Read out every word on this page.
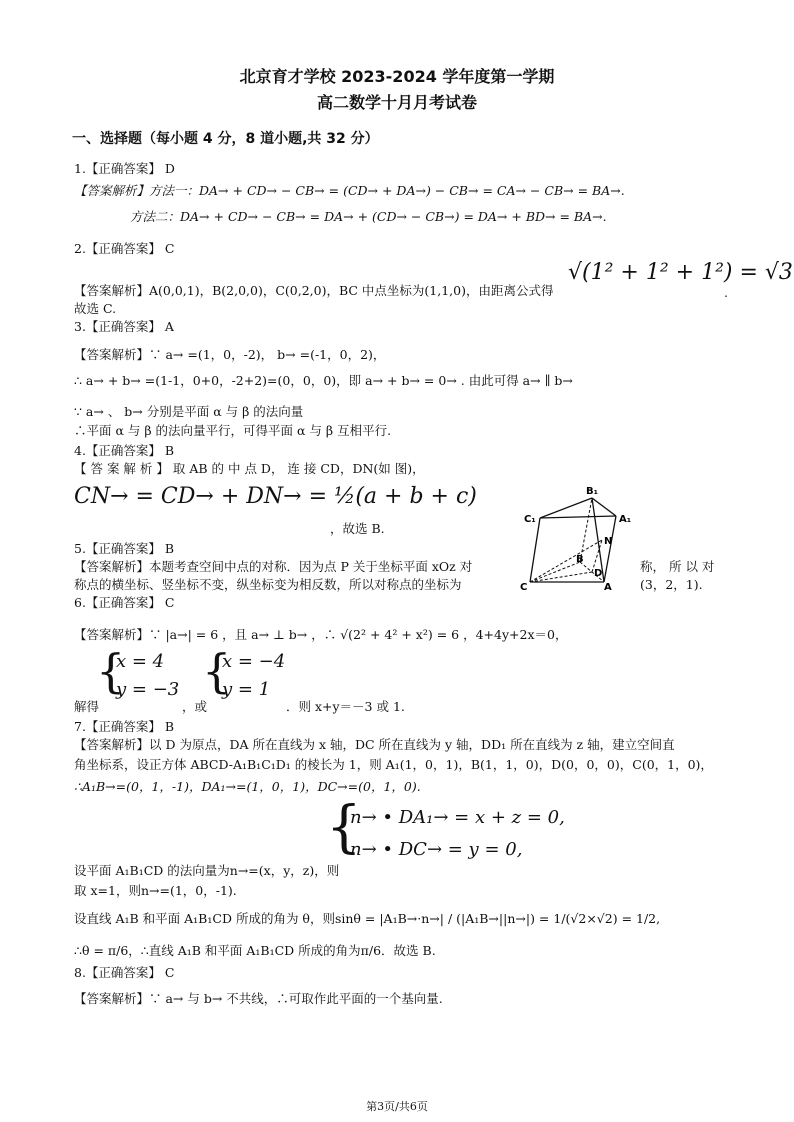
北京育才学校 2023-2024 学年度第一学期
高二数学十月月考试卷
一、选择题（每小题 4 分，8 道小题,共 32 分）
1.【正确答案】 D
【答案解析】方法一：DA→ + CD→ − CB→ = (CD→ + DA→) − CB→ = CA→ − CB→ = BA→.
方法二：DA→ + CD→ − CB→ = DA→ + (CD→ − CB→) = DA→ + BD→ = BA→.
2.【正确答案】 C
【答案解析】A(0,0,1)，B(2,0,0)，C(0,2,0)，BC 中点坐标为(1,1,0)，由距离公式得
√(1² + 1² + 1²) = √3
.
故选 C.
3.【正确答案】 A
【答案解析】∵ a→ =(1，0，-2)， b→ =(-1，0，2)，
∴ a→ + b→ =(1-1，0+0，-2+2)=(0，0，0)，即 a→ + b→ = 0→ . 由此可得 a→ ∥ b→
∵ a→ 、 b→ 分别是平面 α 与 β 的法向量
∴平面 α 与 β 的法向量平行，可得平面 α 与 β 互相平行.
4.【正确答案】 B
【 答 案 解 析 】 取 AB 的 中 点 D， 连 接 CD，DN(如 图)，
CN→ = CD→ + DN→ = ½(a + b + c)
，故选 B.
B₁
C₁	A₁
N
B
D
C	A
5.【正确答案】 B
【答案解析】本题考查空间中点的对称．因为点 P 关于坐标平面 xOz 对	称， 所 以 对
称点的横坐标、竖坐标不变，纵坐标变为相反数，所以对称点的坐标为	(3，2，1).
6.【正确答案】 C
【答案解析】∵ |a→| = 6 ，且 a→ ⊥ b→ ，∴ √(2² + 4² + x²) = 6 ，4+4y+2x＝0，
{
x = 4
y = −3 {
x = −4
y = 1
解得	，或	．则 x+y＝－3 或 1.
7.【正确答案】 B
【答案解析】以 D 为原点，DA 所在直线为 x 轴，DC 所在直线为 y 轴，DD₁ 所在直线为 z 轴，建立空间直
角坐标系，设正方体 ABCD-A₁B₁C₁D₁ 的棱长为 1，则 A₁(1，0，1)，B(1，1，0)，D(0，0，0)，C(0，1，0)，
∴A₁B→=(0，1，-1)，DA₁→=(1，0，1)，DC→=(0，1，0).
{
n→ • DA₁→ = x + z = 0,
n→ • DC→ = y = 0,
设平面 A₁B₁CD 的法向量为n→=(x，y，z)，则
取 x=1，则n→=(1，0，-1).
设直线 A₁B 和平面 A₁B₁CD 所成的角为 θ，则sinθ = |A₁B→·n→| / (|A₁B→||n→|) = 1/(√2×√2) = 1/2,
∴θ = π/6，∴直线 A₁B 和平面 A₁B₁CD 所成的角为π/6．故选 B.
8.【正确答案】 C
【答案解析】∵ a→ 与 b→ 不共线，∴可取作此平面的一个基向量.
第3页/共6页
